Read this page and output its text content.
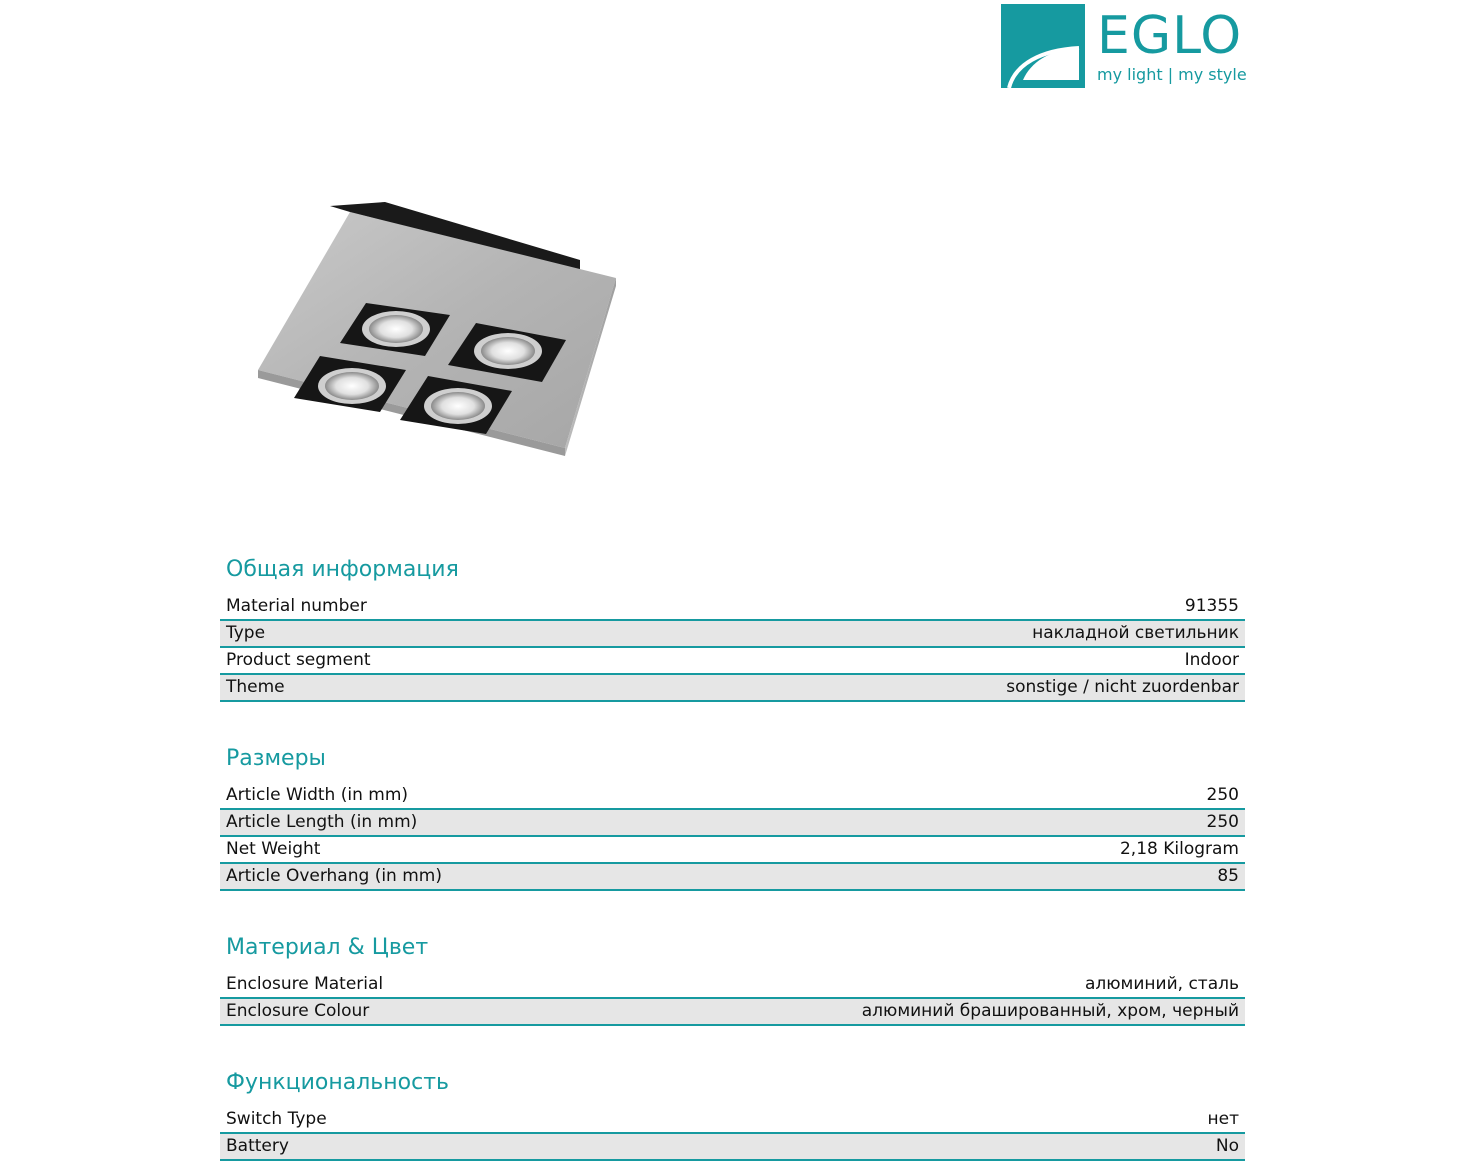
EGLO
my light | my style
Общая информация
Material number	91355
Type	накладной светильник
Product segment	Indoor
Theme	sonstige / nicht zuordenbar
Размеры
Article Width (in mm)	250
Article Length (in mm)	250
Net Weight	2,18 Kilogram
Article Overhang (in mm)	85
Материал & Цвет
Enclosure Material	алюминий, сталь
Enclosure Colour	алюминий брашированный, хром, черный
Функциональность
Switch Type	нет
Battery	No
